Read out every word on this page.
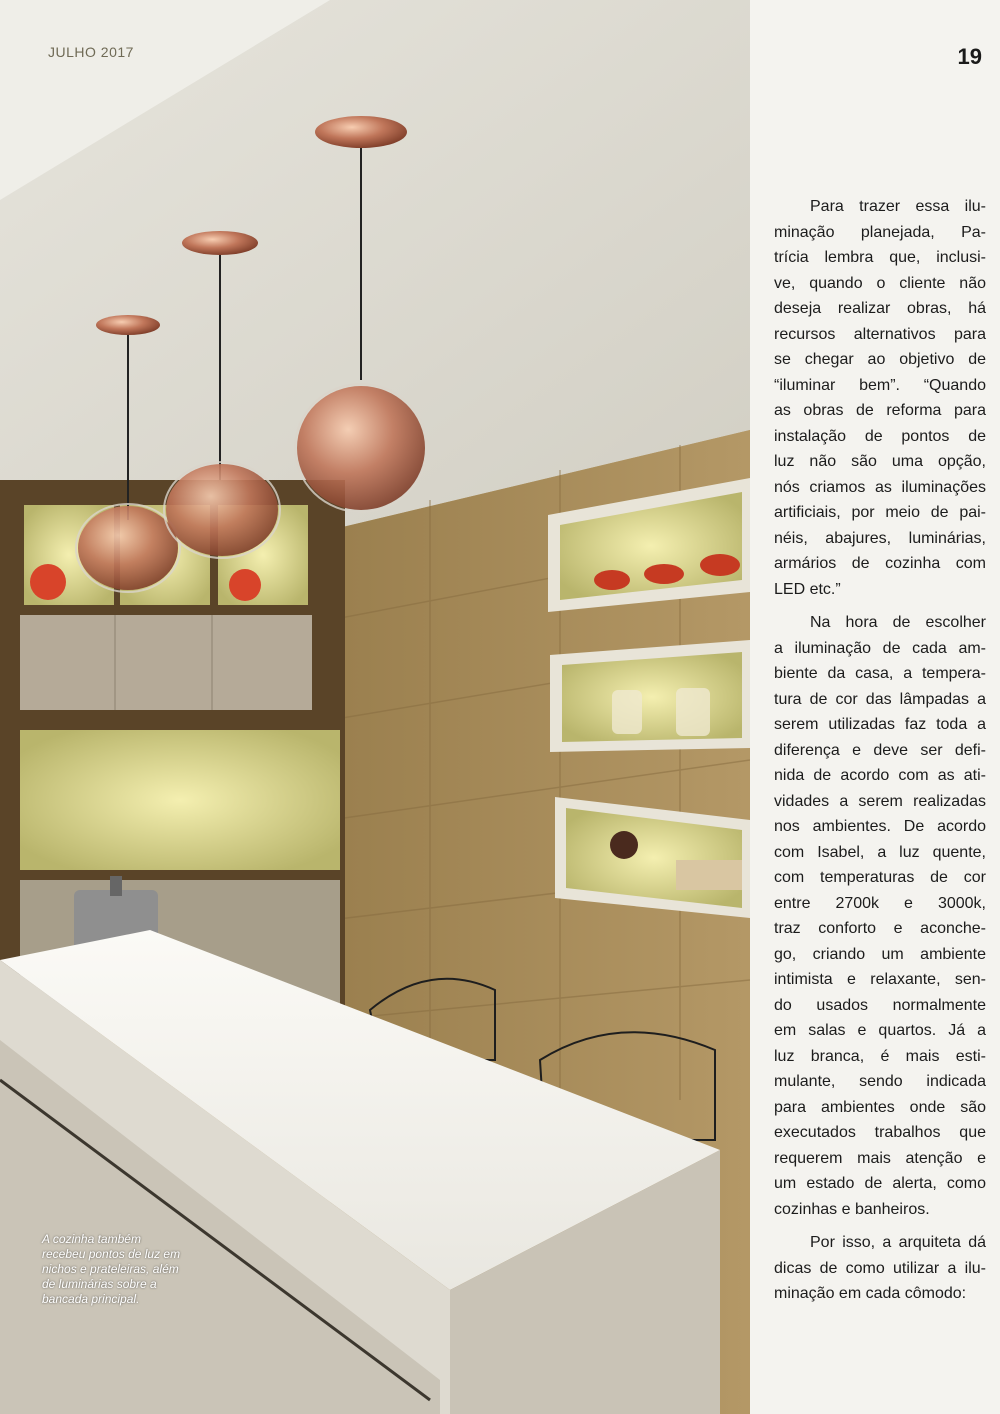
JULHO 2017
A cozinha também
recebeu pontos de luz em
nichos e prateleiras, além
de luminárias sobre a
bancada principal.
19
Para trazer essa ilu-
minação planejada, Pa-
trícia lembra que, inclusi-
ve, quando o cliente não
deseja realizar obras, há
recursos alternativos para
se chegar ao objetivo de
“iluminar bem”. “Quando
as obras de reforma para
instalação de pontos de
luz não são uma opção,
nós criamos as iluminações
artificiais, por meio de pai-
néis, abajures, luminárias,
armários de cozinha com
LED etc.”
Na hora de escolher
a iluminação de cada am-
biente da casa, a tempera-
tura de cor das lâmpadas a
serem utilizadas faz toda a
diferença e deve ser defi-
nida de acordo com as ati-
vidades a serem realizadas
nos ambientes. De acordo
com Isabel, a luz quente,
com temperaturas de cor
entre 2700k e 3000k,
traz conforto e aconche-
go, criando um ambiente
intimista e relaxante, sen-
do usados normalmente
em salas e quartos. Já a
luz branca, é mais esti-
mulante, sendo indicada
para ambientes onde são
executados trabalhos que
requerem mais atenção e
um estado de alerta, como
cozinhas e banheiros.
Por isso, a arquiteta dá
dicas de como utilizar a ilu-
minação em cada cômodo:
